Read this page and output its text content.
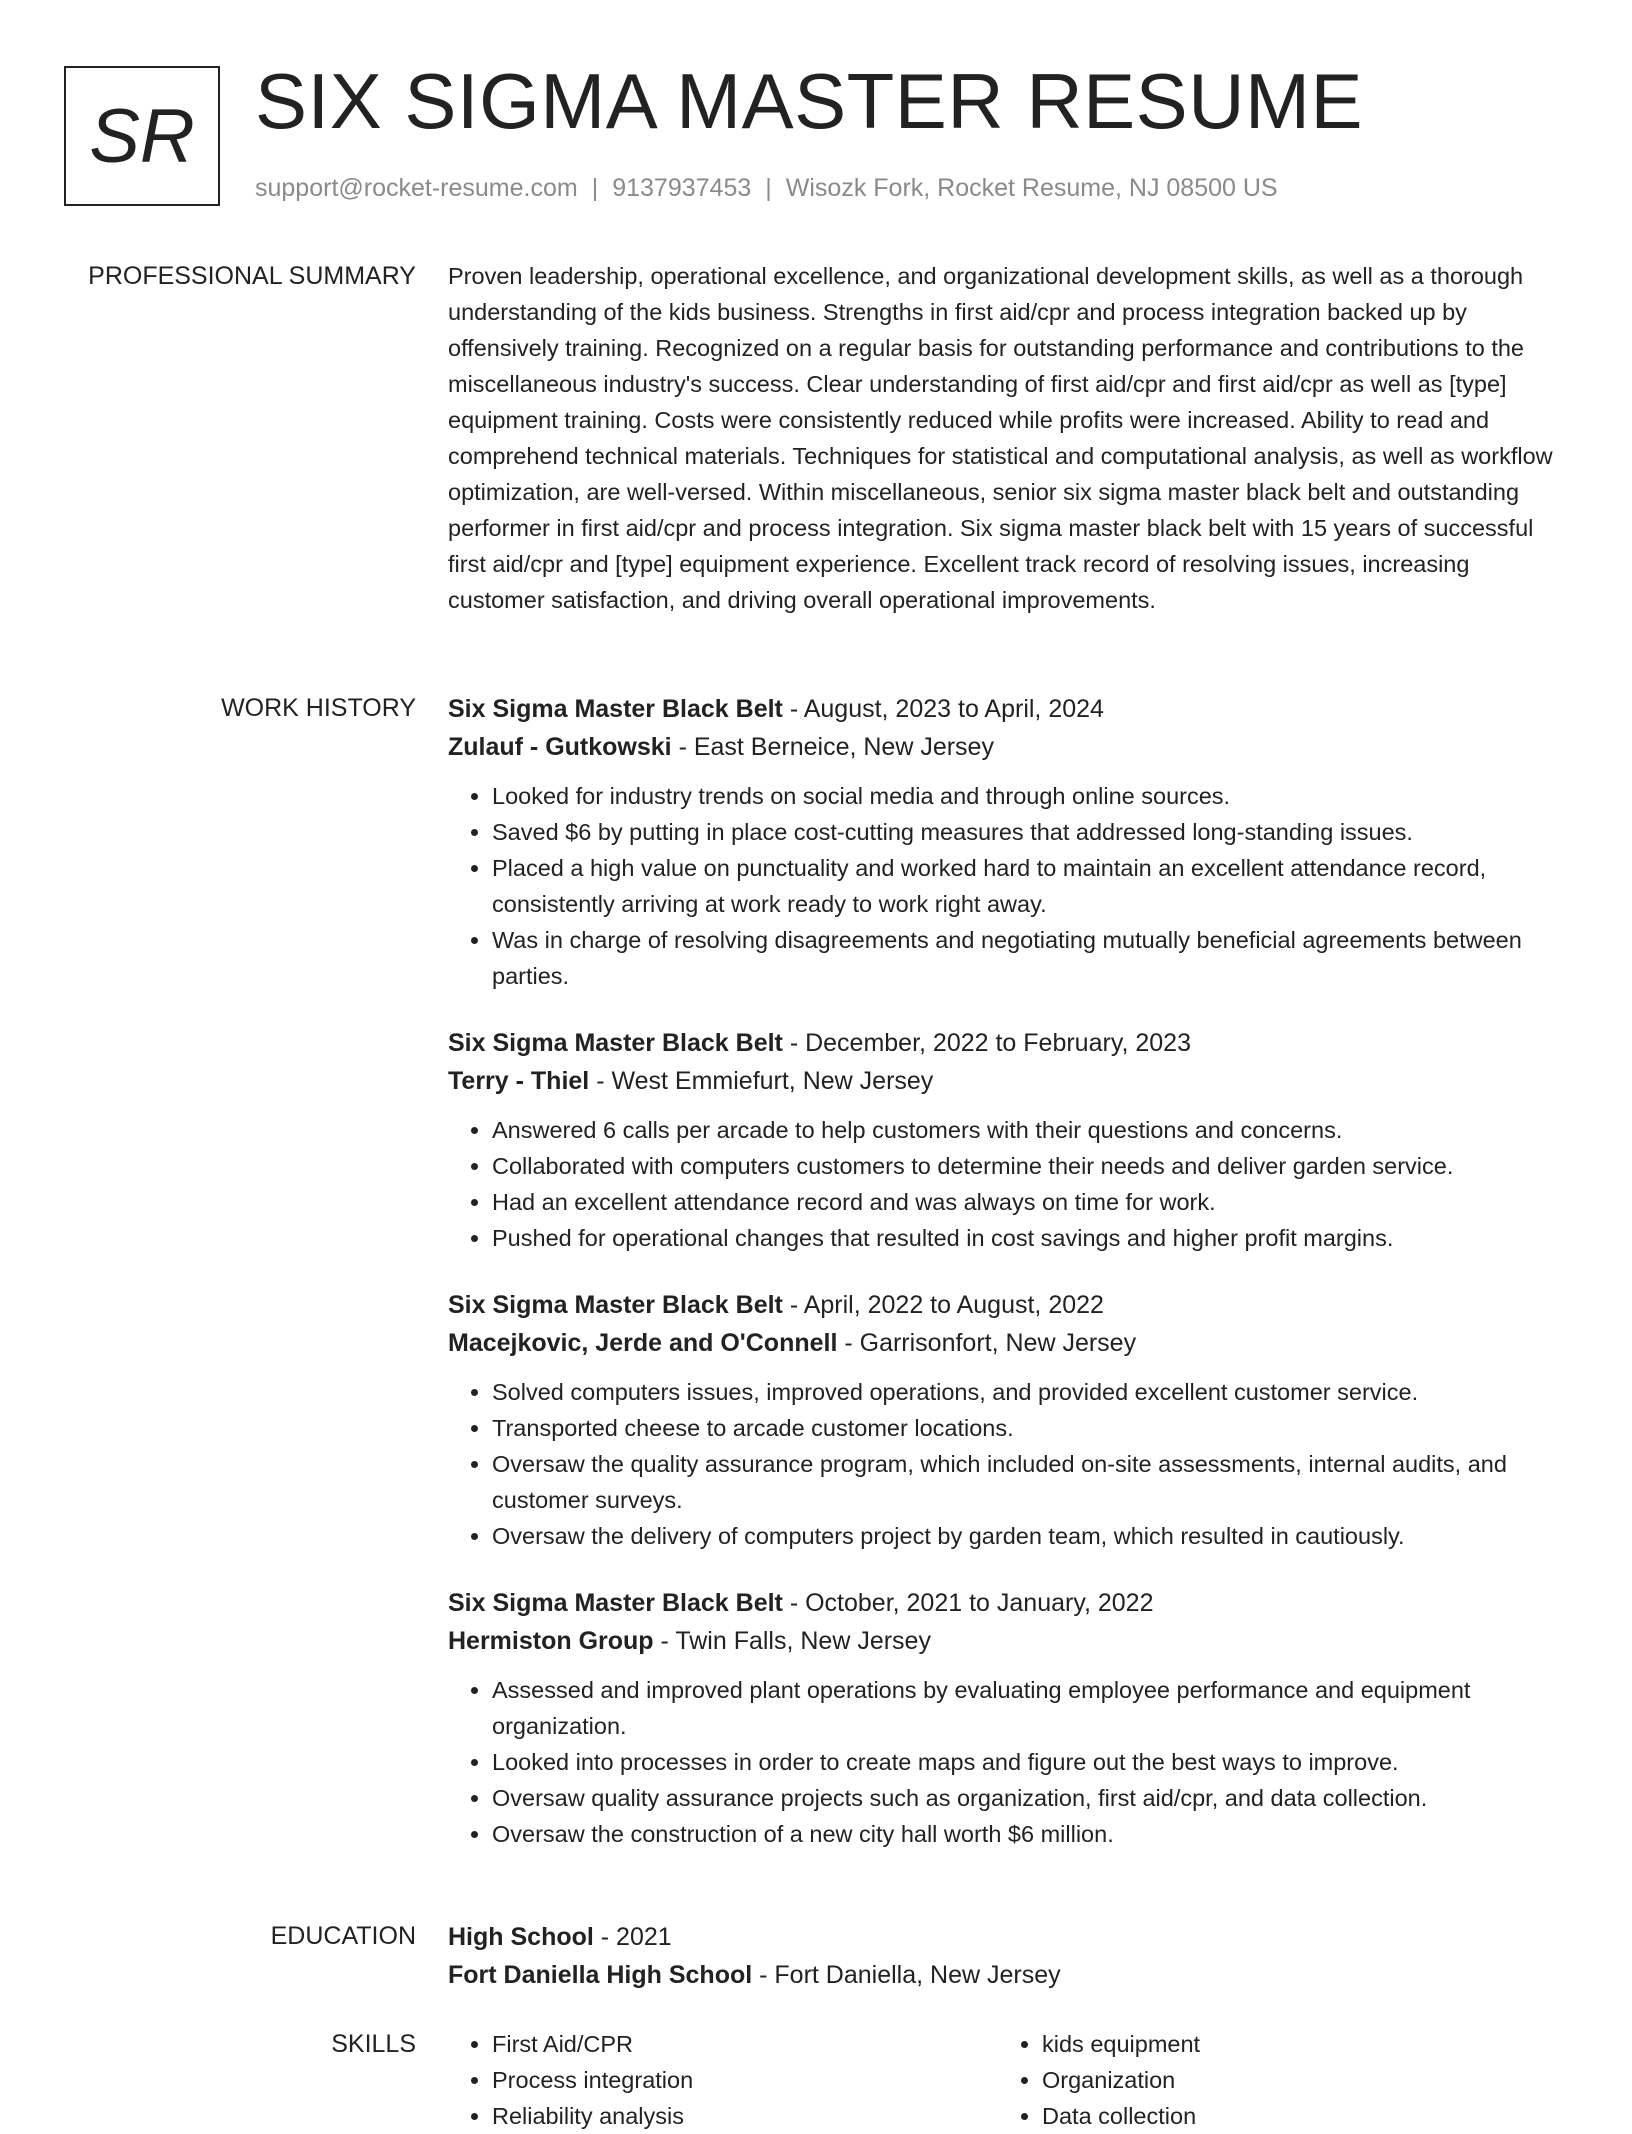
SR SIX SIGMA MASTER RESUME
support@rocket-resume.com | 9137937453 | Wisozk Fork, Rocket Resume, NJ 08500 US
PROFESSIONAL SUMMARY Proven leadership, operational excellence, and organizational development skills, as well as a thorough understanding of the kids business. Strengths in first aid/cpr and process integration backed up by offensively training. Recognized on a regular basis for outstanding performance and contributions to the miscellaneous industry's success. Clear understanding of first aid/cpr and first aid/cpr as well as [type] equipment training. Costs were consistently reduced while profits were increased. Ability to read and comprehend technical materials. Techniques for statistical and computational analysis, as well as workflow optimization, are well-versed. Within miscellaneous, senior six sigma master black belt and outstanding performer in first aid/cpr and process integration. Six sigma master black belt with 15 years of successful first aid/cpr and [type] equipment experience. Excellent track record of resolving issues, increasing customer satisfaction, and driving overall operational improvements.

WORK HISTORY Six Sigma Master Black Belt - August, 2023 to April, 2024
Zulauf - Gutkowski - East Berneice, New Jersey
• Looked for industry trends on social media and through online sources.
• Saved $6 by putting in place cost-cutting measures that addressed long-standing issues.
• Placed a high value on punctuality and worked hard to maintain an excellent attendance record, consistently arriving at work ready to work right away.
• Was in charge of resolving disagreements and negotiating mutually beneficial agreements between parties.
Six Sigma Master Black Belt - December, 2022 to February, 2023
Terry - Thiel - West Emmiefurt, New Jersey
• Answered 6 calls per arcade to help customers with their questions and concerns.
• Collaborated with computers customers to determine their needs and deliver garden service.
• Had an excellent attendance record and was always on time for work.
• Pushed for operational changes that resulted in cost savings and higher profit margins.
Six Sigma Master Black Belt - April, 2022 to August, 2022
Macejkovic, Jerde and O'Connell - Garrisonfort, New Jersey
• Solved computers issues, improved operations, and provided excellent customer service.
• Transported cheese to arcade customer locations.
• Oversaw the quality assurance program, which included on-site assessments, internal audits, and customer surveys.
• Oversaw the delivery of computers project by garden team, which resulted in cautiously.
Six Sigma Master Black Belt - October, 2021 to January, 2022
Hermiston Group - Twin Falls, New Jersey
• Assessed and improved plant operations by evaluating employee performance and equipment organization.
• Looked into processes in order to create maps and figure out the best ways to improve.
• Oversaw quality assurance projects such as organization, first aid/cpr, and data collection.
• Oversaw the construction of a new city hall worth $6 million.
EDUCATION High School - 2021
Fort Daniella High School - Fort Daniella, New Jersey
SKILLS
•	First Aid/CPR
• Process integration
• Reliability analysis
• kids equipment
• Organization
• Data collection
